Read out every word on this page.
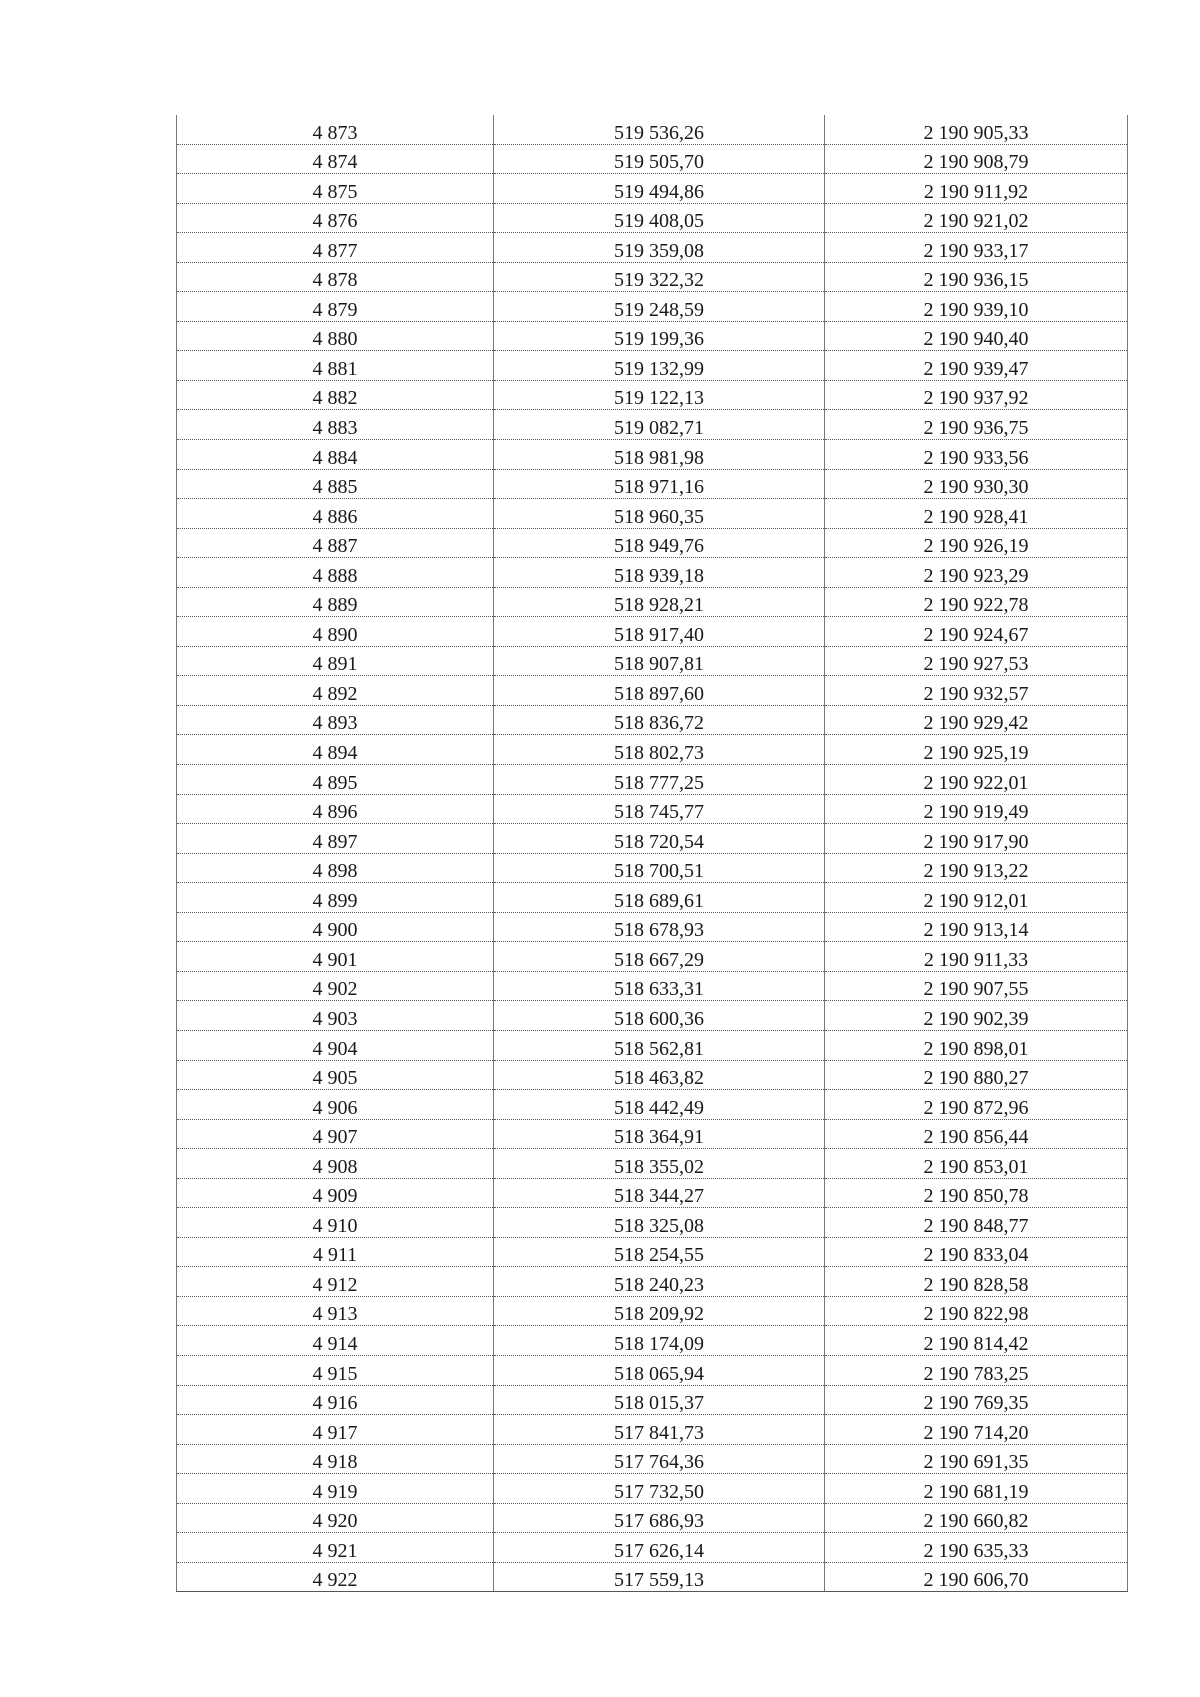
4 873	519 536,26	2 190 905,33
4 874	519 505,70	2 190 908,79
4 875	519 494,86	2 190 911,92
4 876	519 408,05	2 190 921,02
4 877	519 359,08	2 190 933,17
4 878	519 322,32	2 190 936,15
4 879	519 248,59	2 190 939,10
4 880	519 199,36	2 190 940,40
4 881	519 132,99	2 190 939,47
4 882	519 122,13	2 190 937,92
4 883	519 082,71	2 190 936,75
4 884	518 981,98	2 190 933,56
4 885	518 971,16	2 190 930,30
4 886	518 960,35	2 190 928,41
4 887	518 949,76	2 190 926,19
4 888	518 939,18	2 190 923,29
4 889	518 928,21	2 190 922,78
4 890	518 917,40	2 190 924,67
4 891	518 907,81	2 190 927,53
4 892	518 897,60	2 190 932,57
4 893	518 836,72	2 190 929,42
4 894	518 802,73	2 190 925,19
4 895	518 777,25	2 190 922,01
4 896	518 745,77	2 190 919,49
4 897	518 720,54	2 190 917,90
4 898	518 700,51	2 190 913,22
4 899	518 689,61	2 190 912,01
4 900	518 678,93	2 190 913,14
4 901	518 667,29	2 190 911,33
4 902	518 633,31	2 190 907,55
4 903	518 600,36	2 190 902,39
4 904	518 562,81	2 190 898,01
4 905	518 463,82	2 190 880,27
4 906	518 442,49	2 190 872,96
4 907	518 364,91	2 190 856,44
4 908	518 355,02	2 190 853,01
4 909	518 344,27	2 190 850,78
4 910	518 325,08	2 190 848,77
4 911	518 254,55	2 190 833,04
4 912	518 240,23	2 190 828,58
4 913	518 209,92	2 190 822,98
4 914	518 174,09	2 190 814,42
4 915	518 065,94	2 190 783,25
4 916	518 015,37	2 190 769,35
4 917	517 841,73	2 190 714,20
4 918	517 764,36	2 190 691,35
4 919	517 732,50	2 190 681,19
4 920	517 686,93	2 190 660,82
4 921	517 626,14	2 190 635,33
4 922	517 559,13	2 190 606,70
